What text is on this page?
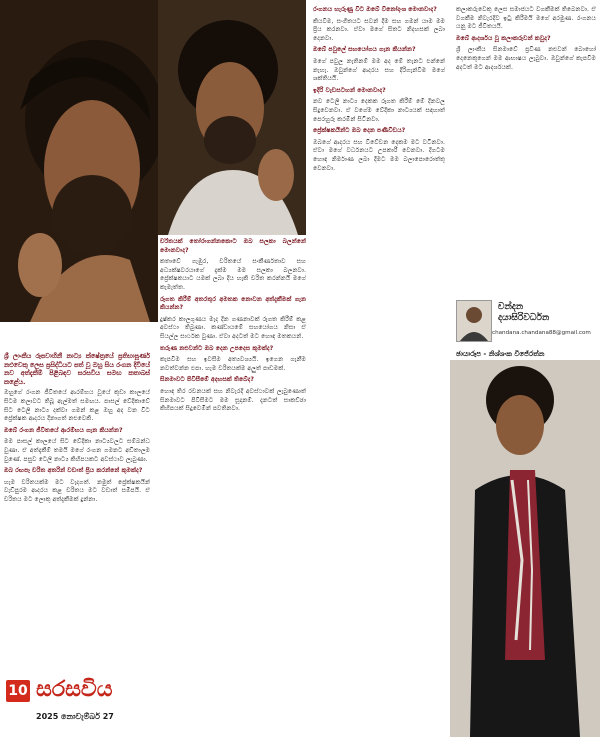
ශ්‍රී ලාංකීය රූපවාහිනී නාට්‍ය ක්ෂේත්‍රයේ ප්‍රතිභාපූර්ණ නළුවෙකු ලෙස ප්‍රසිද්ධියට පත් වූ ඔහු සිය රංගන දිවියේ නව අත්දැකීම් පිළිබඳව සරසවිය සමඟ කතාබස් කළේය.

ඔහුගේ රංගන ජීවිතයේ ආරම්භය වූයේ කුඩා කාලයේ සිටම කලාවට තිබූ ඇල්මත් සමඟය. පාසල් වේදිකාවේ සිට ටෙලි නාට්‍ය දක්වා ගමන් කළ ඔහු අද වන විට ප්‍රේක්ෂක ආදරය දිනාගත් නළුවෙකි.

ඔබේ රංගන ජීවිතයේ ආරම්භය ගැන කියන්න?

මම පාසල් කාලයේ සිට වේදිකා නාට්‍යවලට සම්බන්ධ වුණා. ඒ අත්දැකීම් තමයි මගේ රංගන ගමනට අඩිතාලම වුණේ. පසුව ටෙලි නාට්‍ය කිහිපයකට අවස්ථාව ලැබුණා.

ඔබ රඟපෑ චරිත අතරින් වඩාත් ප්‍රිය කරන්නේ කුමක්ද?

හැම චරිතයක්ම මට වැදගත්. නමුත් ප්‍රේක්ෂකයින් වැඩිපුරම ආදරය කළ චරිතය මට වඩාත් සමීපයි. ඒ චරිතය මට ලොකු අත්දැකීමක් දුන්නා.

චරිතයක් තෝරාගන්නකොට ඔබ සලකා බලන්නේ මොනවාද?

කතාවේ ගැඹුර, චරිතයේ සංකීර්ණතාව සහ අධ්‍යක්ෂවරයාගේ දැක්ම මම සලකා බලනවා. ප්‍රේක්ෂකයාට යමක් ලබා දිය හැකි චරිත කරන්නයි මගේ කැමැත්ත.

රූගත කිරීම් අතරතුර අමතක නොවන අත්දැකීමක් ගැන කියන්න?

දුෂ්කර කාලගුණය මැද දින ගණනාවක් රූගත කිරීම් කළ අවස්ථා තිබුණා. කණ්ඩායමේ සහයෝගය නිසා ඒ සියල්ල සාර්ථක වුණා. ඒවා අදටත් මට හොඳ මතකයන්.

තරුණ නළුවන්ට ඔබ දෙන උපදෙස කුමක්ද?

කැපවීම සහ ඉවසීම අත්‍යවශ්‍යයි. ඉගෙන ගැනීම නවත්වන්න එපා. හැම චරිතයක්ම අලුත් පාඩමක්.

සිනමාවට පිවිසීමේ අදහසක් තිබේද?

හොඳ තිර රචනයක් සහ නිවැරදි අවස්ථාවක් ලැබුණොත් සිනමාවට පිවිසීමට මම සූදානම්. දැනටත් සාකච්ඡා කිහිපයක් සිදුවෙමින් පවතිනවා.

රංගනය හැරුණු විට ඔබේ විනෝදාංශ මොනවාද?

කියවීම, සංගීතයට සවන් දීම සහ ගමන් යාම මම ප්‍රිය කරනවා. ඒවා මගේ සිතට නිදහසක් ලබා දෙනවා.

ඔබේ පවුලේ සහයෝගය ගැන කියන්න?

මගේ පවුල නැතිනම් මම අද මේ තැනට එන්නේ නැහැ. ඔවුන්ගේ ආදරය සහ දිරිගැන්වීම මගේ ශක්තියයි.

ඉදිරි වැඩසටහන් මොනවාද?

නව ටෙලි නාට්‍ය දෙකක රූගත කිරීම් මේ දිනවල සිදුවෙනවා. ඒ වගේම වේදිකා නාට්‍යයක් සඳහාත් පෙරහුරු කරමින් සිටිනවා.

ප්‍රේක්ෂකයින්ට ඔබ දෙන පණිවිඩය?

ඔබගේ ආදරය සහ විවේචන දෙකම මට වටිනවා. ඒවා මගේ වර්ධනයට උපකාරී වෙනවා. දිගටම හොඳ නිර්මාණ ලබා දීමට මම බලාපොරොත්තු වෙනවා.

කලාකරුවෙකු ලෙස සමාජයට වගකීමක් තිබෙනවා. ඒ වගකීම නිවැරදිව ඉටු කිරීමයි මගේ අරමුණ. රංගනය යනු මට ජීවිතයයි.

ඔබේ ආදර්ශය වූ කලාකරුවන් කවුද?

ශ්‍රී ලාංකීය සිනමාවේ ප්‍රවීණ නළුවන් බොහෝ දෙනෙකුගෙන් මම ආභාෂය ලැබුවා. ඔවුන්ගේ කැපවීම අදටත් මට ආදර්ශයක්.

චන්දන
දයාසිරිවර්ධන
chandana.chandana88@gmail.com
ඡායාරූප - නිශ්ශංක විජේරත්න
10 සරසවිය
2025 නොවැම්බර් 27
